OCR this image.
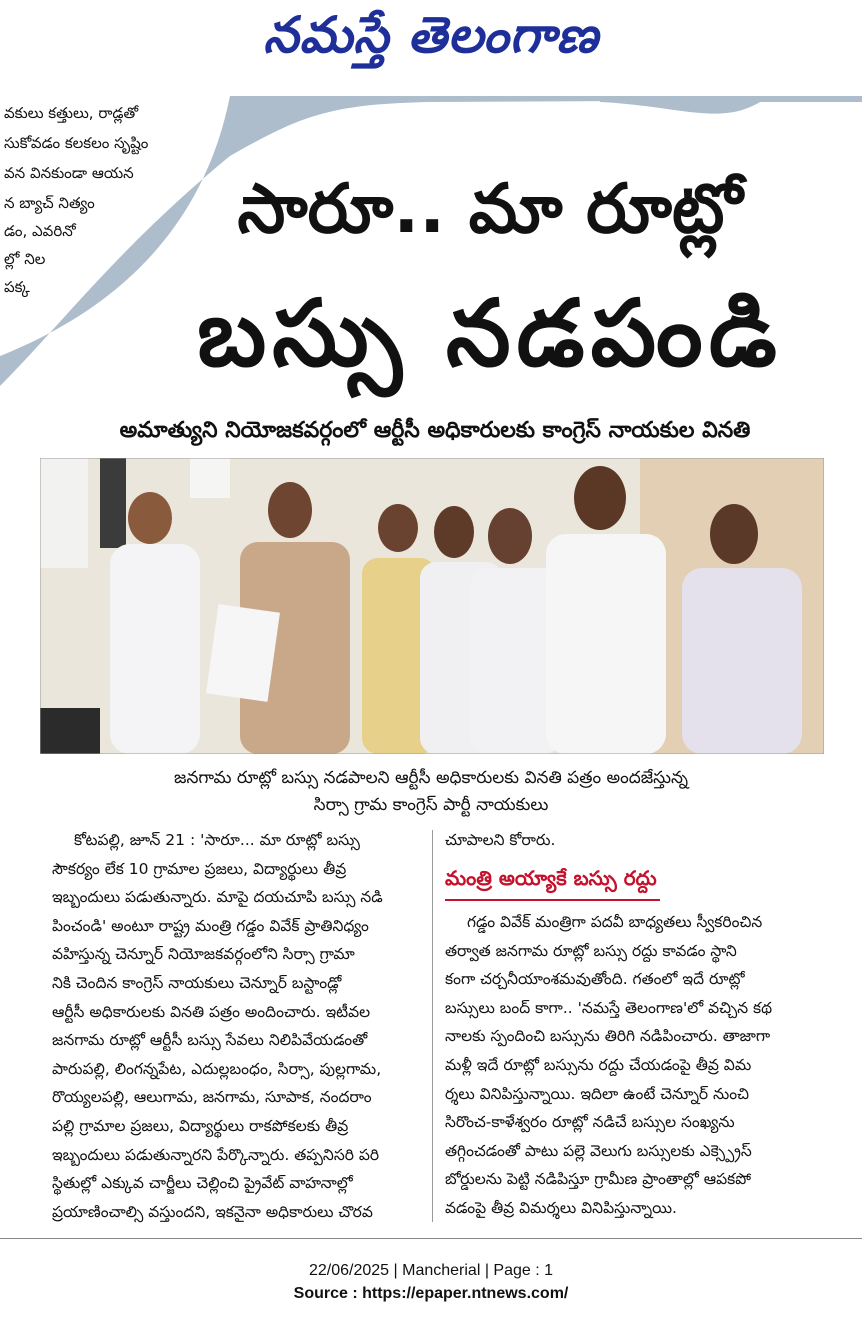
నమస్తే తెలంగాణ
వకులు కత్తులు, రాడ్లతో
సుకోవడం కలకలం సృష్టిం
వన వినకుండా ఆయన
న బ్యాచ్ నిత్యం
డం, ఎవరినో
ల్లో నిల
పక్క
సారూ.. మా రూట్లో
బస్సు నడపండి
అమాత్యుని నియోజకవర్గంలో ఆర్టీసీ అధికారులకు కాంగ్రెస్ నాయకుల వినతి
జనగామ రూట్లో బస్సు నడపాలని ఆర్టీసీ అధికారులకు వినతి పత్రం అందజేస్తున్న
సిర్సా గ్రామ కాంగ్రెస్ పార్టీ నాయకులు
కోటపల్లి, జూన్ 21 : 'సారూ... మా రూట్లో బస్సు
సౌకర్యం లేక 10 గ్రామాల ప్రజలు, విద్యార్థులు తీవ్ర
ఇబ్బందులు పడుతున్నారు. మాపై దయచూపి బస్సు నడి
పించండి' అంటూ రాష్ట్ర మంత్రి గడ్డం వివేక్ ప్రాతినిధ్యం
వహిస్తున్న చెన్నూర్ నియోజకవర్గంలోని సిర్సా గ్రామా
నికి చెందిన కాంగ్రెస్ నాయకులు చెన్నూర్ బస్టాండ్లో
ఆర్టీసీ అధికారులకు వినతి పత్రం అందించారు. ఇటీవల
జనగామ రూట్లో ఆర్టీసీ బస్సు సేవలు నిలిపివేయడంతో
పారుపల్లి, లింగన్నపేట, ఎదుల్లబంధం, సిర్సా, పుల్లగామ,
రొయ్యలపల్లి, ఆలుగామ, జనగామ, సూపాక, నందరాం
పల్లి గ్రామాల ప్రజలు, విద్యార్థులు రాకపోకలకు తీవ్ర
ఇబ్బందులు పడుతున్నారని పేర్కొన్నారు. తప్పనిసరి పరి
స్థితుల్లో ఎక్కువ చార్జీలు చెల్లించి ప్రైవేట్ వాహనాల్లో
ప్రయాణించాల్సి వస్తుందని, ఇకనైనా అధికారులు చొరవ
చూపాలని కోరారు.
మంత్రి అయ్యాకే బస్సు రద్దు
గడ్డం వివేక్ మంత్రిగా పదవీ బాధ్యతలు స్వీకరించిన
తర్వాత జనగామ రూట్లో బస్సు రద్దు కావడం స్థాని
కంగా చర్చనీయాంశమవుతోంది. గతంలో ఇదే రూట్లో
బస్సులు బంద్ కాగా.. 'నమస్తే తెలంగాణ'లో వచ్చిన కథ
నాలకు స్పందించి బస్సును తిరిగి నడిపించారు. తాజాగా
మళ్లీ ఇదే రూట్లో బస్సును రద్దు చేయడంపై తీవ్ర విమ
ర్శలు వినిపిస్తున్నాయి. ఇదిలా ఉంటే చెన్నూర్ నుంచి
సిరొంచ-కాళేశ్వరం రూట్లో నడిచే బస్సుల సంఖ్యను
తగ్గించడంతో పాటు పల్లె వెలుగు బస్సులకు ఎక్స్ప్రెస్
బోర్డులను పెట్టి నడిపిస్తూ గ్రామీణ ప్రాంతాల్లో ఆపకపో
వడంపై తీవ్ర విమర్శలు వినిపిస్తున్నాయి.
22/06/2025 | Mancherial | Page : 1
Source : https://epaper.ntnews.com/
